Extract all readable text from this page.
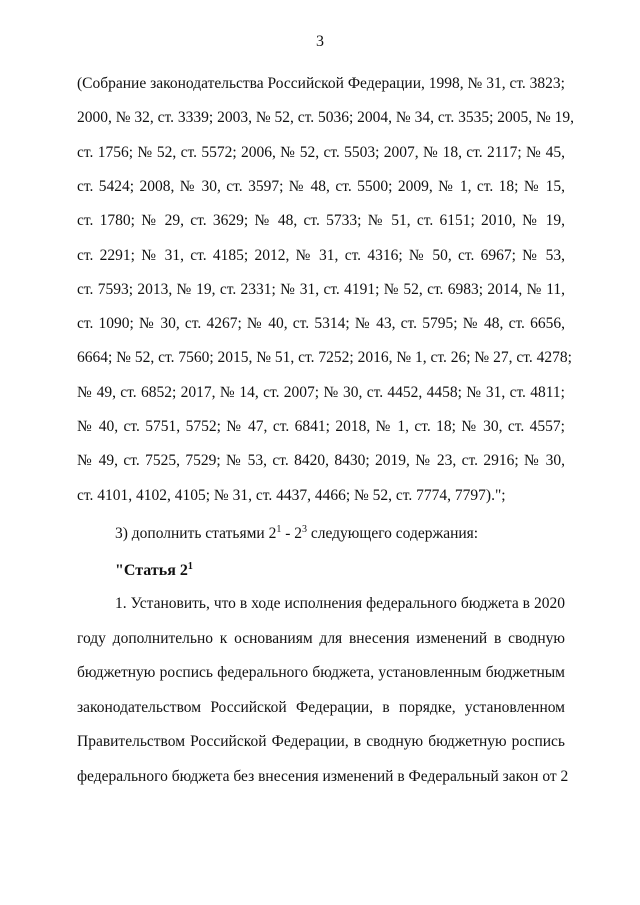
3
(Собрание законодательства Российской Федерации, 1998, № 31, ст. 3823;
2000, № 32, ст. 3339; 2003, № 52, ст. 5036; 2004, № 34, ст. 3535; 2005, № 19,
ст. 1756; № 52, ст. 5572; 2006, № 52, ст. 5503; 2007, № 18, ст. 2117; № 45,
ст. 5424; 2008, № 30, ст. 3597; № 48, ст. 5500; 2009, № 1, ст. 18; № 15,
ст. 1780; № 29, ст. 3629; № 48, ст. 5733; № 51, ст. 6151; 2010, № 19,
ст. 2291; № 31, ст. 4185; 2012, № 31, ст. 4316; № 50, ст. 6967; № 53,
ст. 7593; 2013, № 19, ст. 2331; № 31, ст. 4191; № 52, ст. 6983; 2014, № 11,
ст. 1090; № 30, ст. 4267; № 40, ст. 5314; № 43, ст. 5795; № 48, ст. 6656,
6664; № 52, ст. 7560; 2015, № 51, ст. 7252; 2016, № 1, ст. 26; № 27, ст. 4278;
№ 49, ст. 6852; 2017, № 14, ст. 2007; № 30, ст. 4452, 4458; № 31, ст. 4811;
№ 40, ст. 5751, 5752; № 47, ст. 6841; 2018, № 1, ст. 18; № 30, ст. 4557;
№ 49, ст. 7525, 7529; № 53, ст. 8420, 8430; 2019, № 23, ст. 2916; № 30,
ст. 4101, 4102, 4105; № 31, ст. 4437, 4466; № 52, ст. 7774, 7797).";
3) дополнить статьями $2^1 - 2^3$ следующего содержания:
"Статья $2^1$
1. Установить, что в ходе исполнения федерального бюджета в 2020
году дополнительно к основаниям для внесения изменений в сводную
бюджетную роспись федерального бюджета, установленным бюджетным
законодательством Российской Федерации, в порядке, установленном
Правительством Российской Федерации, в сводную бюджетную роспись
федерального бюджета без внесения изменений в Федеральный закон от 2
